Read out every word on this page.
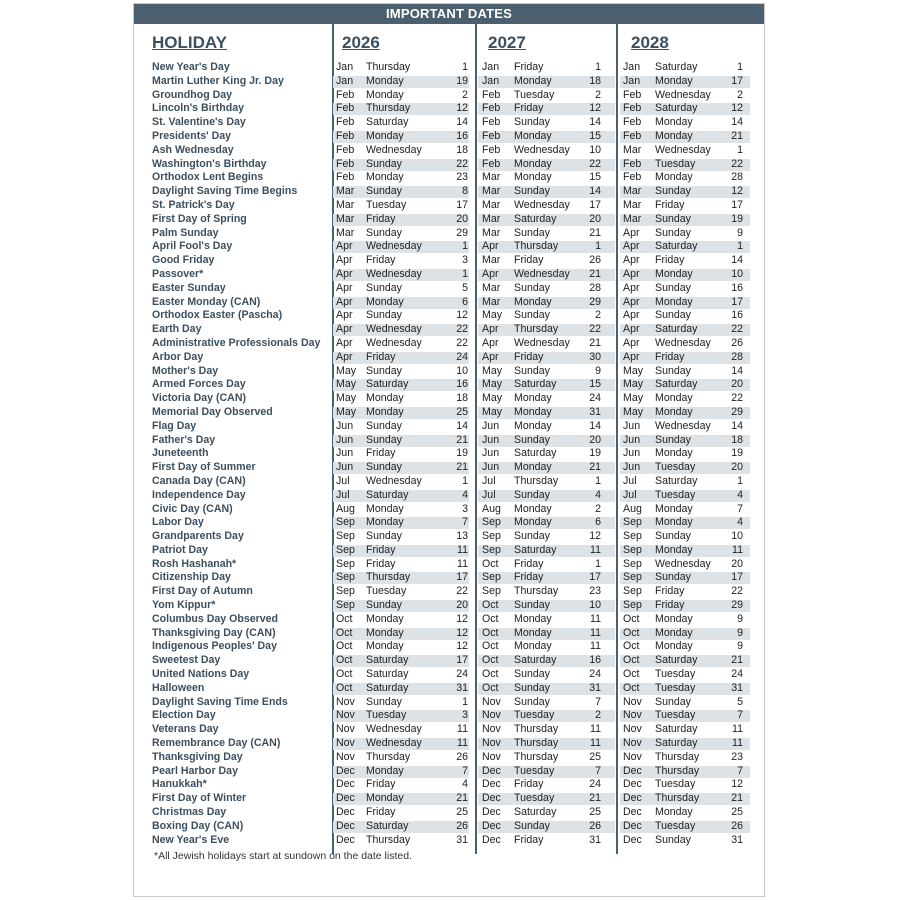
IMPORTANT DATES
HOLIDAY	2026	2027	2028
New Year's Day	Jan Thursday	1 Jan Friday	1 Jan Saturday	1
Martin Luther King Jr. Day	Jan Monday	19 Jan Monday	18 Jan Monday	17
Groundhog Day	Feb Monday	2 Feb Tuesday	2 Feb Wednesday	2
Lincoln's Birthday	Feb Thursday	12 Feb Friday	12 Feb Saturday	12
St. Valentine's Day	Feb Saturday	14 Feb Sunday	14 Feb Monday	14
Presidents' Day	Feb Monday	16 Feb Monday	15 Feb Monday	21
Ash Wednesday	Feb Wednesday	18 Feb Wednesday	10 Mar Wednesday	1
Washington's Birthday	Feb Sunday	22 Feb Monday	22 Feb Tuesday	22
Orthodox Lent Begins	Feb Monday	23 Mar Monday	15 Feb Monday	28
Daylight Saving Time Begins	Mar Sunday	8 Mar Sunday	14 Mar Sunday	12
St. Patrick's Day	Mar Tuesday	17 Mar Wednesday	17 Mar Friday	17
First Day of Spring	Mar Friday	20 Mar Saturday	20 Mar Sunday	19
Palm Sunday	Mar Sunday	29 Mar Sunday	21 Apr Sunday	9
April Fool's Day	Apr Wednesday	1 Apr Thursday	1 Apr Saturday	1
Good Friday	Apr Friday	3 Mar Friday	26 Apr Friday	14
Passover*	Apr Wednesday	1 Apr Wednesday	21 Apr Monday	10
Easter Sunday	Apr Sunday	5 Mar Sunday	28 Apr Sunday	16
Easter Monday (CAN)	Apr Monday	6 Mar Monday	29 Apr Monday	17
Orthodox Easter (Pascha)	Apr Sunday	12 May Sunday	2 Apr Sunday	16
Earth Day	Apr Wednesday	22 Apr Thursday	22 Apr Saturday	22
Administrative Professionals Day Apr Wednesday	22 Apr Wednesday	21 Apr Wednesday	26
Arbor Day	Apr Friday	24 Apr Friday	30 Apr Friday	28
Mother's Day	May Sunday	10 May Sunday	9 May Sunday	14
Armed Forces Day	May Saturday	16 May Saturday	15 May Saturday	20
Victoria Day (CAN)	May Monday	18 May Monday	24 May Monday	22
Memorial Day Observed	May Monday	25 May Monday	31 May Monday	29
Flag Day	Jun Sunday	14 Jun Monday	14 Jun Wednesday	14
Father's Day	Jun Sunday	21 Jun Sunday	20 Jun Sunday	18
Juneteenth	Jun Friday	19 Jun Saturday	19 Jun Monday	19
First Day of Summer	Jun Sunday	21 Jun Monday	21 Jun Tuesday	20
Canada Day (CAN)	Jul Wednesday	1 Jul Thursday	1 Jul Saturday	1
Independence Day	Jul Saturday	4 Jul Sunday	4 Jul Tuesday	4
Civic Day (CAN)	Aug Monday	3 Aug Monday	2 Aug Monday	7
Labor Day	Sep Monday	7 Sep Monday	6 Sep Monday	4
Grandparents Day	Sep Sunday	13 Sep Sunday	12 Sep Sunday	10
Patriot Day	Sep Friday	11 Sep Saturday	11 Sep Monday	11
Rosh Hashanah*	Sep Friday	11 Oct Friday	1 Sep Wednesday	20
Citizenship Day	Sep Thursday	17 Sep Friday	17 Sep Sunday	17
First Day of Autumn	Sep Tuesday	22 Sep Thursday	23 Sep Friday	22
Yom Kippur*	Sep Sunday	20 Oct Sunday	10 Sep Friday	29
Columbus Day Observed	Oct Monday	12 Oct Monday	11 Oct Monday	9
Thanksgiving Day (CAN)	Oct Monday	12 Oct Monday	11 Oct Monday	9
Indigenous Peoples' Day	Oct Monday	12 Oct Monday	11 Oct Monday	9
Sweetest Day	Oct Saturday	17 Oct Saturday	16 Oct Saturday	21
United Nations Day	Oct Saturday	24 Oct Sunday	24 Oct Tuesday	24
Halloween	Oct Saturday	31 Oct Sunday	31 Oct Tuesday	31
Daylight Saving Time Ends	Nov Sunday	1 Nov Sunday	7 Nov Sunday	5
Election Day	Nov Tuesday	3 Nov Tuesday	2 Nov Tuesday	7
Veterans Day	Nov Wednesday	11 Nov Thursday	11 Nov Saturday	11
Remembrance Day (CAN)	Nov Wednesday	11 Nov Thursday	11 Nov Saturday	11
Thanksgiving Day	Nov Thursday	26 Nov Thursday	25 Nov Thursday	23
Pearl Harbor Day	Dec Monday	7 Dec Tuesday	7 Dec Thursday	7
Hanukkah*	Dec Friday	4 Dec Friday	24 Dec Tuesday	12
First Day of Winter	Dec Monday	21 Dec Tuesday	21 Dec Thursday	21
Christmas Day	Dec Friday	25 Dec Saturday	25 Dec Monday	25
Boxing Day (CAN)	Dec Saturday	26 Dec Sunday	26 Dec Tuesday	26
New Year's Eve	Dec Thursday	31 Dec Friday	31 Dec Sunday	31
*All Jewish holidays start at sundown on the date listed.
